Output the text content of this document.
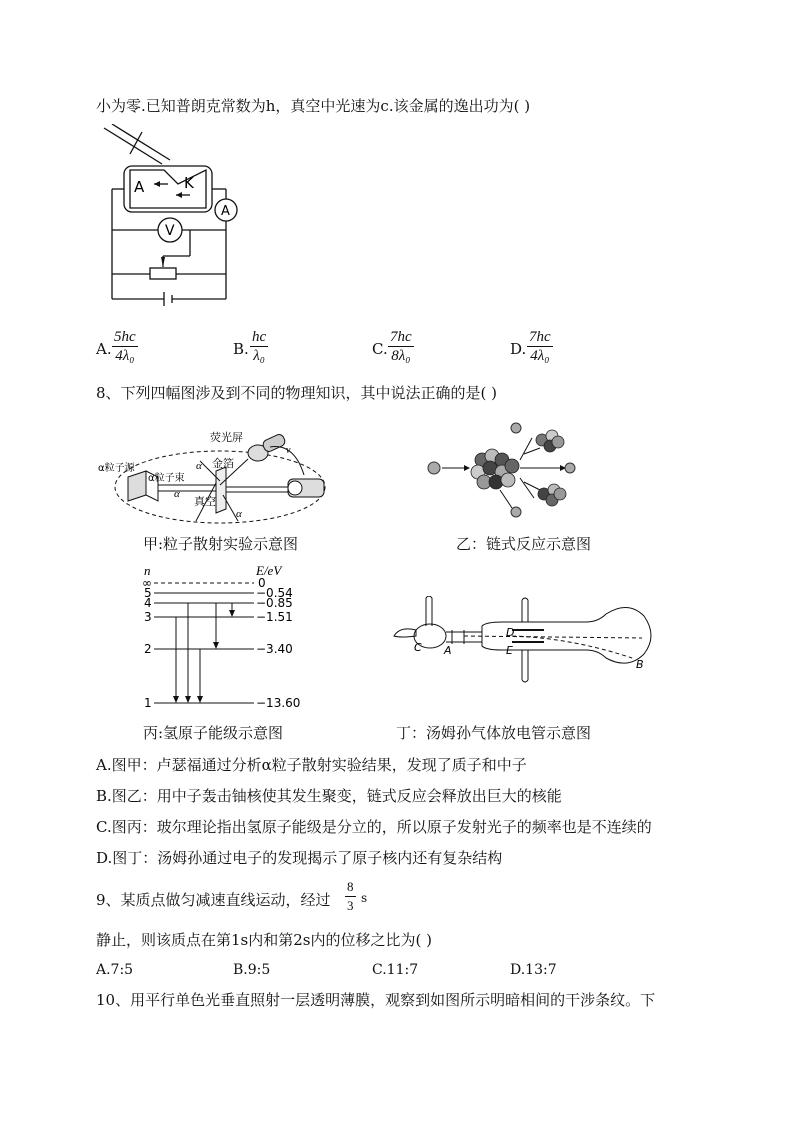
小为零.已知普朗克常数为h，真空中光速为c.该金属的逸出功为( )
A	K
A
V
A. $\frac{5hc}{\text{4λ₀}}$	B. $\frac{hc}{\text{λ₀}}$	C. $\frac{7hc}{\text{8λ₀}}$	D. $\frac{7hc}{\text{4λ₀}}$
8、下列四幅图涉及到不同的物理知识，其中说法正确的是( )
荧光屏
金箔
α粒子源
α粒子束
真空
α
α
α
v
甲:粒子散射实验示意图	乙：链式反应示意图
n	E/eV
∞
5
4
3
2
1
0
−0.54
−0.85
−1.51
−3.40
−13.60
丙:氢原子能级示意图
C A
D
E
B
丁：汤姆孙气体放电管示意图
A.图甲：卢瑟福通过分析α粒子散射实验结果，发现了质子和中子
B.图乙：用中子轰击铀核使其发生聚变，链式反应会释放出巨大的核能
C.图丙：玻尔理论指出氢原子能级是分立的，所以原子发射光子的频率也是不连续的
D.图丁：汤姆孙通过电子的发现揭示了原子核内还有复杂结构
9、某质点做匀减速直线运动，经过 $\frac{8}{3}$ s
静止，则该质点在第1s内和第2s内的位移之比为( )
A.7:5	B.9:5	C.11:7	D.13:7
10、用平行单色光垂直照射一层透明薄膜，观察到如图所示明暗相间的干涉条纹。下
